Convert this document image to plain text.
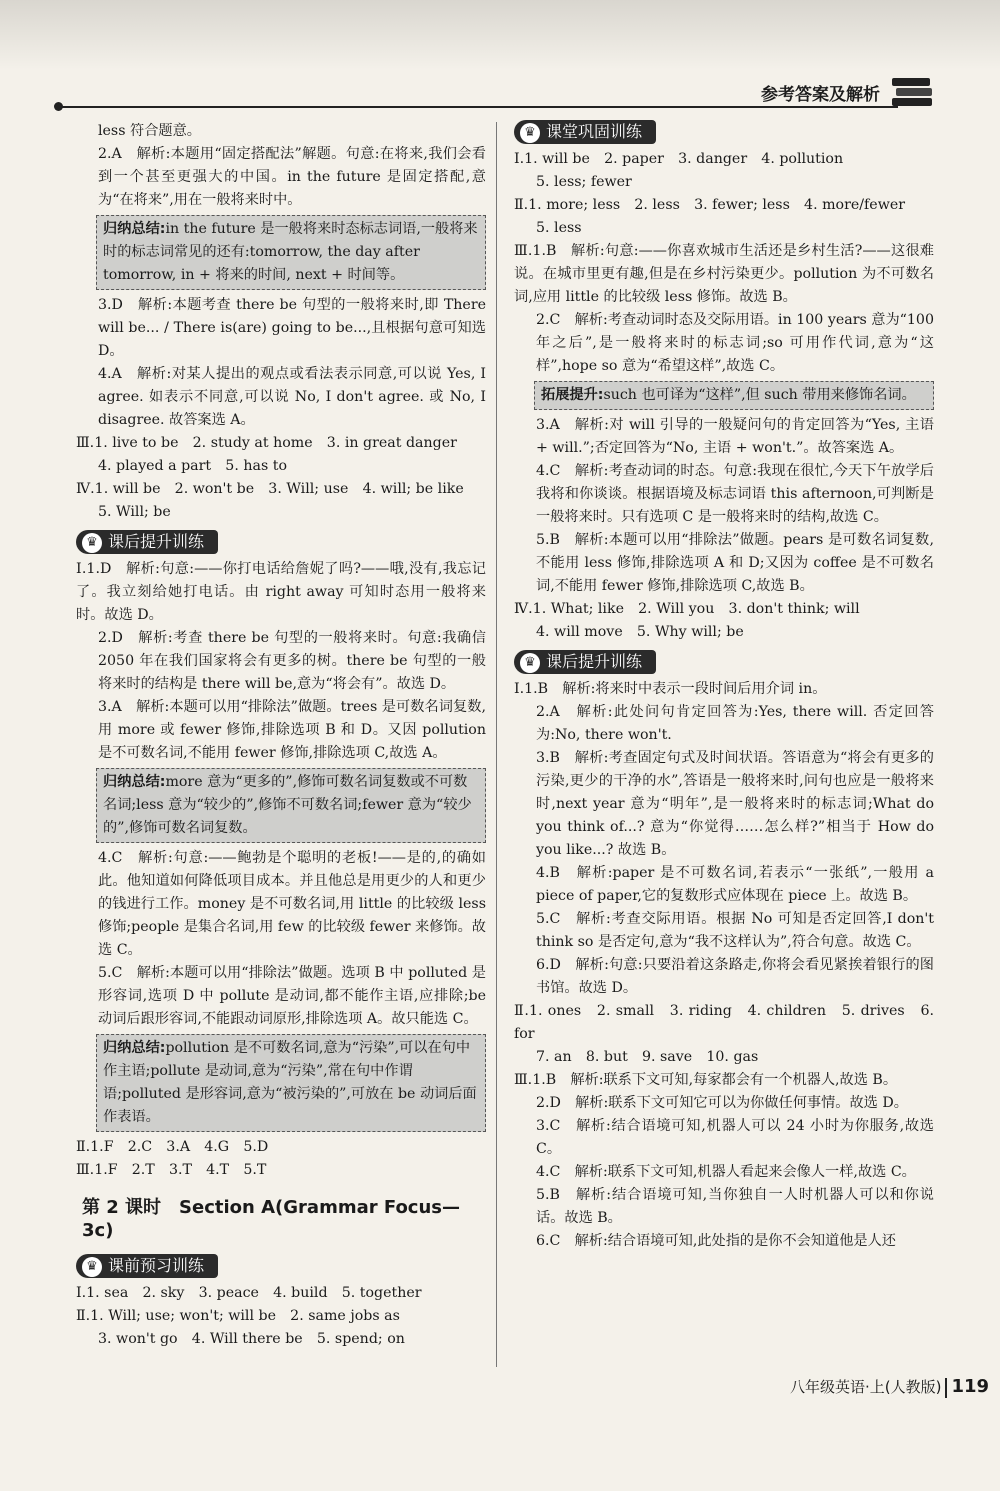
参考答案及解析

less 符合题意。

2.A　解析:本题用“固定搭配法”解题。句意:在将来,我们会看到一个甚至更强大的中国。in the future 是固定搭配,意为“在将来”,用在一般将来时中。

归纳总结:in the future 是一般将来时态标志词语,一般将来时的标志词常见的还有:tomorrow, the day after tomorrow, in + 将来的时间, next + 时间等。

3.D　解析:本题考查 there be 句型的一般将来时,即 There will be... / There is(are) going to be...,且根据句意可知选 D。

4.A　解析:对某人提出的观点或看法表示同意,可以说 Yes, I agree. 如表示不同意,可以说 No, I don't agree. 或 No, I disagree. 故答案选 A。

Ⅲ.1. live to be　2. study at home　3. in great danger

4. played a part　5. has to

Ⅳ.1. will be　2. won't be　3. Will; use　4. will; be like

5. Will; be

♛ 课后提升训练

Ⅰ.1.D　解析:句意:——你打电话给詹妮了吗?——哦,没有,我忘记了。我立刻给她打电话。由 right away 可知时态用一般将来时。故选 D。

2.D　解析:考查 there be 句型的一般将来时。句意:我确信 2050 年在我们国家将会有更多的树。there be 句型的一般将来时的结构是 there will be,意为“将会有”。故选 D。

3.A　解析:本题可以用“排除法”做题。trees 是可数名词复数,用 more 或 fewer 修饰,排除选项 B 和 D。又因 pollution 是不可数名词,不能用 fewer 修饰,排除选项 C,故选 A。

归纳总结:more 意为“更多的”,修饰可数名词复数或不可数名词;less 意为“较少的”,修饰不可数名词;fewer 意为“较少的”,修饰可数名词复数。

4.C　解析:句意:——鲍勃是个聪明的老板!——是的,的确如此。他知道如何降低项目成本。并且他总是用更少的人和更少的钱进行工作。money 是不可数名词,用 little 的比较级 less 修饰;people 是集合名词,用 few 的比较级 fewer 来修饰。故选 C。

5.C　解析:本题可以用“排除法”做题。选项 B 中 polluted 是形容词,选项 D 中 pollute 是动词,都不能作主语,应排除;be 动词后跟形容词,不能跟动词原形,排除选项 A。故只能选 C。

归纳总结:pollution 是不可数名词,意为“污染”,可以在句中作主语;pollute 是动词,意为“污染”,常在句中作谓语;polluted 是形容词,意为“被污染的”,可放在 be 动词后面作表语。

Ⅱ.1.F　2.C　3.A　4.G　5.D

Ⅲ.1.F　2.T　3.T　4.T　5.T

第 2 课时　Section A(Grammar Focus—3c)
♛ 课前预习训练

Ⅰ.1. sea　2. sky　3. peace　4. build　5. together

Ⅱ.1. Will; use; won't; will be　2. same jobs as

3. won't go　4. Will there be　5. spend; on

♛ 课堂巩固训练

Ⅰ.1. will be　2. paper　3. danger　4. pollution

5. less; fewer

Ⅱ.1. more; less　2. less　3. fewer; less　4. more/fewer

5. less

Ⅲ.1.B　解析:句意:——你喜欢城市生活还是乡村生活?——这很难说。在城市里更有趣,但是在乡村污染更少。pollution 为不可数名词,应用 little 的比较级 less 修饰。故选 B。

2.C　解析:考查动词时态及交际用语。in 100 years 意为“100 年之后”,是一般将来时的标志词;so 可用作代词,意为“这样”,hope so 意为“希望这样”,故选 C。

拓展提升:such 也可译为“这样”,但 such 带用来修饰名词。

3.A　解析:对 will 引导的一般疑问句的肯定回答为“Yes, 主语 + will.”;否定回答为“No, 主语 + won't.”。故答案选 A。

4.C　解析:考查动词的时态。句意:我现在很忙,今天下午放学后我将和你谈谈。根据语境及标志词语 this afternoon,可判断是一般将来时。只有选项 C 是一般将来时的结构,故选 C。

5.B　解析:本题可以用“排除法”做题。pears 是可数名词复数,不能用 less 修饰,排除选项 A 和 D;又因为 coffee 是不可数名词,不能用 fewer 修饰,排除选项 C,故选 B。

Ⅳ.1. What; like　2. Will you　3. don't think; will

4. will move　5. Why will; be

♛ 课后提升训练

Ⅰ.1.B　解析:将来时中表示一段时间后用介词 in。

2.A　解析:此处问句肯定回答为:Yes, there will. 否定回答为:No, there won't.

3.B　解析:考查固定句式及时间状语。答语意为“将会有更多的污染,更少的干净的水”,答语是一般将来时,问句也应是一般将来时,next year 意为“明年”,是一般将来时的标志词;What do you think of...? 意为“你觉得……怎么样?”相当于 How do you like...? 故选 B。

4.B　解析:paper 是不可数名词,若表示“一张纸”,一般用 a piece of paper,它的复数形式应体现在 piece 上。故选 B。

5.C　解析:考查交际用语。根据 No 可知是否定回答,I don't think so 是否定句,意为“我不这样认为”,符合句意。故选 C。

6.D　解析:句意:只要沿着这条路走,你将会看见紧挨着银行的图书馆。故选 D。

Ⅱ.1. ones　2. small　3. riding　4. children　5. drives　6. for

7. an　8. but　9. save　10. gas

Ⅲ.1.B　解析:联系下文可知,每家都会有一个机器人,故选 B。

2.D　解析:联系下文可知它可以为你做任何事情。故选 D。

3.C　解析:结合语境可知,机器人可以 24 小时为你服务,故选 C。

4.C　解析:联系下文可知,机器人看起来会像人一样,故选 C。

5.B　解析:结合语境可知,当你独自一人时机器人可以和你说话。故选 B。

6.C　解析:结合语境可知,此处指的是你不会知道他是人还

八年级英语·上(人教版) 119
